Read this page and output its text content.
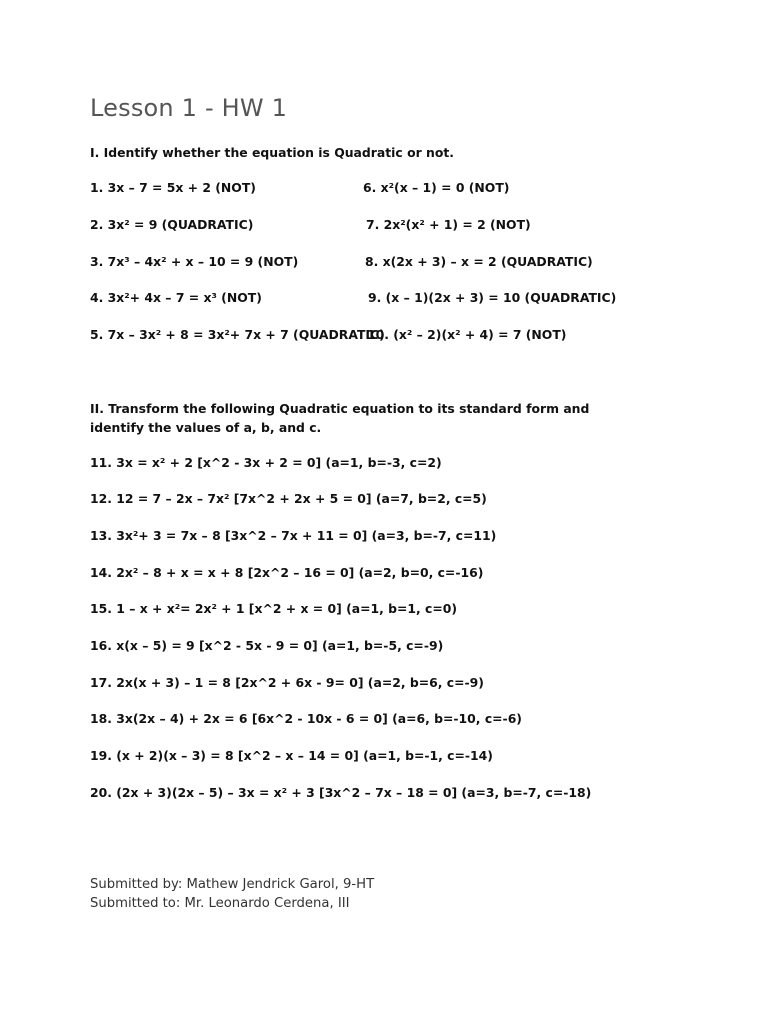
Lesson 1 - HW 1
I. Identify whether the equation is Quadratic or not.
1. 3x – 7 = 5x + 2 (NOT)
2. 3x² = 9 (QUADRATIC)
3. 7x³ – 4x² + x – 10 = 9 (NOT)
4. 3x²+ 4x – 7 = x³ (NOT)
5. 7x – 3x² + 8 = 3x²+ 7x + 7 (QUADRATIC)
6. x²(x – 1) = 0 (NOT)
7. 2x²(x² + 1) = 2 (NOT)
8. x(2x + 3) – x = 2 (QUADRATIC)
9. (x – 1)(2x + 3) = 10 (QUADRATIC)
10. (x² – 2)(x² + 4) = 7 (NOT)
II. Transform the following Quadratic equation to its standard form and identify the values of a, b, and c.
11. 3x = x² + 2 [x^2 - 3x + 2 = 0] (a=1, b=-3, c=2)
12. 12 = 7 – 2x – 7x² [7x^2 + 2x + 5 = 0] (a=7, b=2, c=5)
13. 3x²+ 3 = 7x – 8 [3x^2 – 7x + 11 = 0] (a=3, b=-7, c=11)
14. 2x² – 8 + x = x + 8 [2x^2 – 16 = 0] (a=2, b=0, c=-16)
15. 1 – x + x²= 2x² + 1 [x^2 + x = 0] (a=1, b=1, c=0)
16. x(x – 5) = 9 [x^2 - 5x - 9 = 0] (a=1, b=-5, c=-9)
17. 2x(x + 3) – 1 = 8 [2x^2 + 6x - 9= 0] (a=2, b=6, c=-9)
18. 3x(2x – 4) + 2x = 6 [6x^2 - 10x - 6 = 0] (a=6, b=-10, c=-6)
19. (x + 2)(x – 3) = 8 [x^2 – x – 14 = 0] (a=1, b=-1, c=-14)
20. (2x + 3)(2x – 5) – 3x = x² + 3 [3x^2 – 7x – 18 = 0] (a=3, b=-7, c=-18)
Submitted by: Mathew Jendrick Garol, 9-HT
Submitted to: Mr. Leonardo Cerdena, III
